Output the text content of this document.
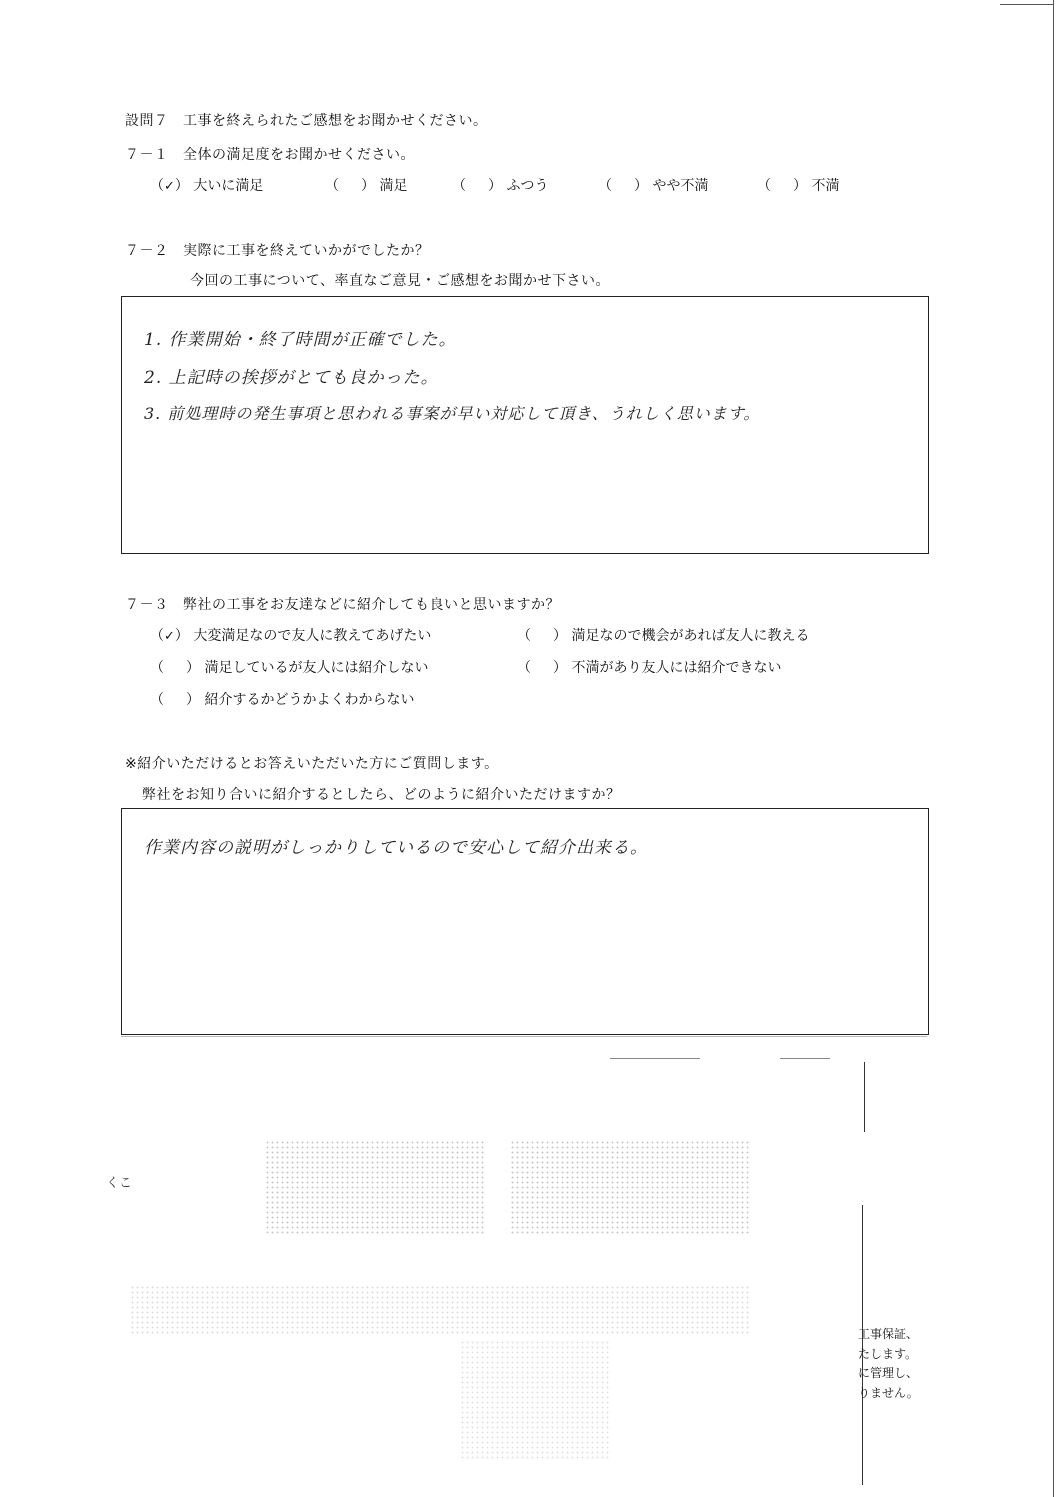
設問７　工事を終えられたご感想をお聞かせください。
７－１　全体の満足度をお聞かせください。
（✓） 大いに満足	（ ） 満足	（ ） ふつう	（ ） やや不満	（ ） 不満
７－２　実際に工事を終えていかがでしたか？
今回の工事について、率直なご意見・ご感想をお聞かせ下さい。
1. 作業開始・終了時間が正確でした。
2. 上記時の挨拶がとても良かった。
3. 前処理時の発生事項と思われる事案が早い対応して頂き、うれしく思います。
７－３　弊社の工事をお友達などに紹介しても良いと思いますか？
（✓） 大変満足なので友人に教えてあげたい	（ ） 満足なので機会があれば友人に教える
（ ） 満足しているが友人には紹介しない	（ ） 不満があり友人には紹介できない
（ ） 紹介するかどうかよくわからない
※紹介いただけるとお答えいただいた方にご質問します。
弊社をお知り合いに紹介するとしたら、どのように紹介いただけますか？
作業内容の説明がしっかりしているので安心して紹介出来る。
くこ
工事保証、
たします。
に管理し、
りません。
